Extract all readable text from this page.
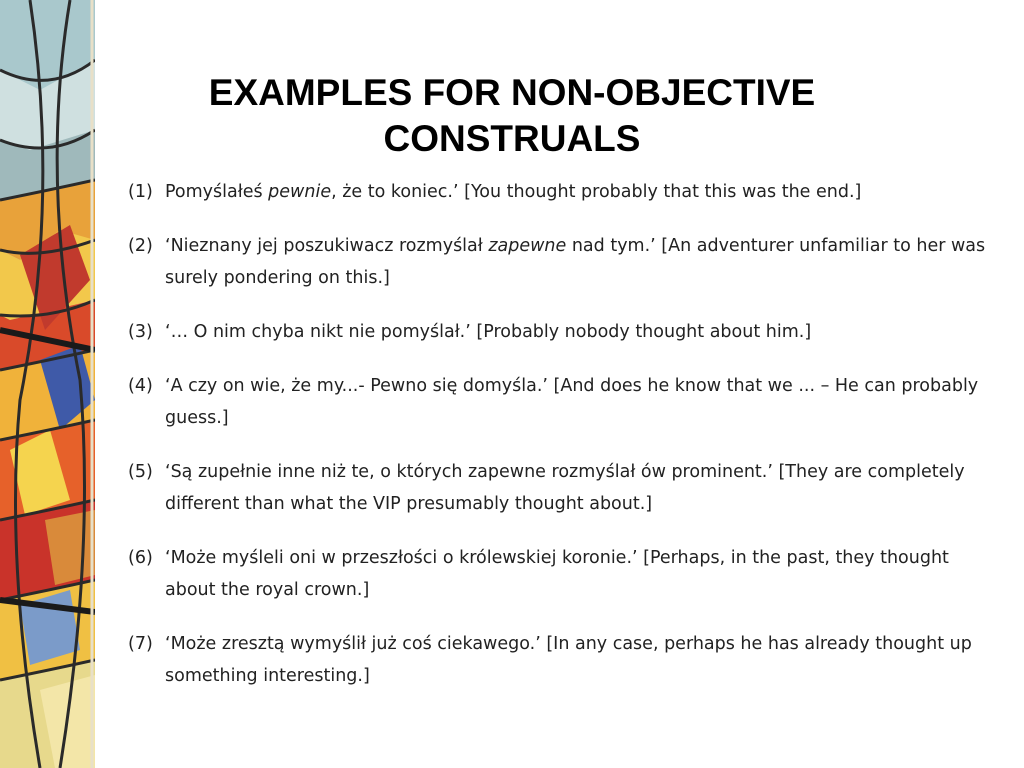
EXAMPLES FOR NON-OBJECTIVE
CONSTRUALS
(1) Pomyślałeś pewnie, że to koniec.’ [You thought probably that this was the end.]
(2) ‘Nieznany jej poszukiwacz rozmyślał zapewne nad tym.’ [An adventurer unfamiliar to her was surely pondering on this.]
(3) ‘… O nim chyba nikt nie pomyślał.’ [Probably nobody thought about him.]
(4) ‘A czy on wie, że my...- Pewno się domyśla.’ [And does he know that we ... – He can probably guess.]
(5) ‘Są zupełnie inne niż te, o których zapewne rozmyślał ów prominent.’ [They are completely different than what the VIP presumably thought about.]
(6) ‘Może myśleli oni w przeszłości o królewskiej koronie.’ [Perhaps, in the past, they thought about the royal crown.]
(7) ‘Może zresztą wymyślił już coś ciekawego.’ [In any case, perhaps he has already thought up something interesting.]
